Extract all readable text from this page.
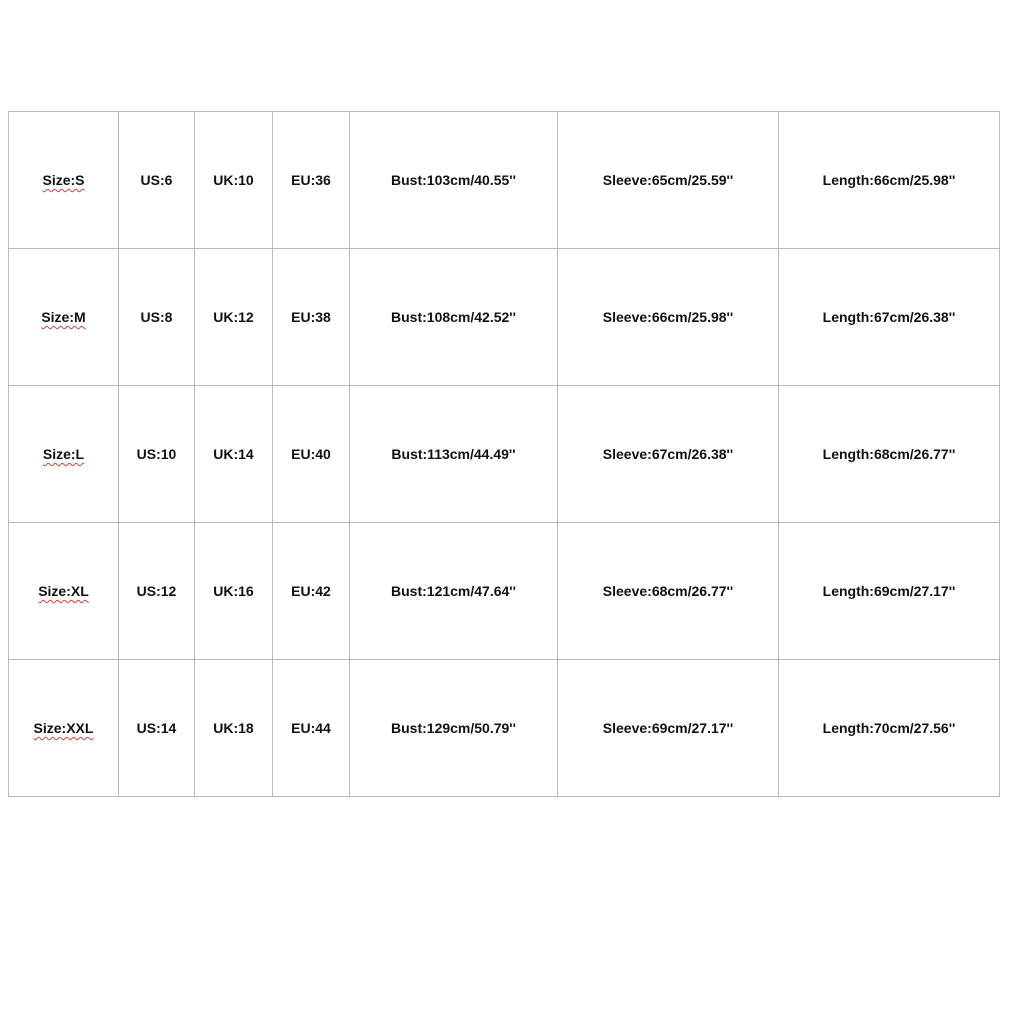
Size:S	US:6	UK:10	EU:36	Bust:103cm/40.55''	Sleeve:65cm/25.59''	Length:66cm/25.98''
Size:M	US:8	UK:12	EU:38	Bust:108cm/42.52''	Sleeve:66cm/25.98''	Length:67cm/26.38''
Size:L	US:10	UK:14	EU:40	Bust:113cm/44.49''	Sleeve:67cm/26.38''	Length:68cm/26.77''
Size:XL	US:12	UK:16	EU:42	Bust:121cm/47.64''	Sleeve:68cm/26.77''	Length:69cm/27.17''
Size:XXL	US:14	UK:18	EU:44	Bust:129cm/50.79''	Sleeve:69cm/27.17''	Length:70cm/27.56''
